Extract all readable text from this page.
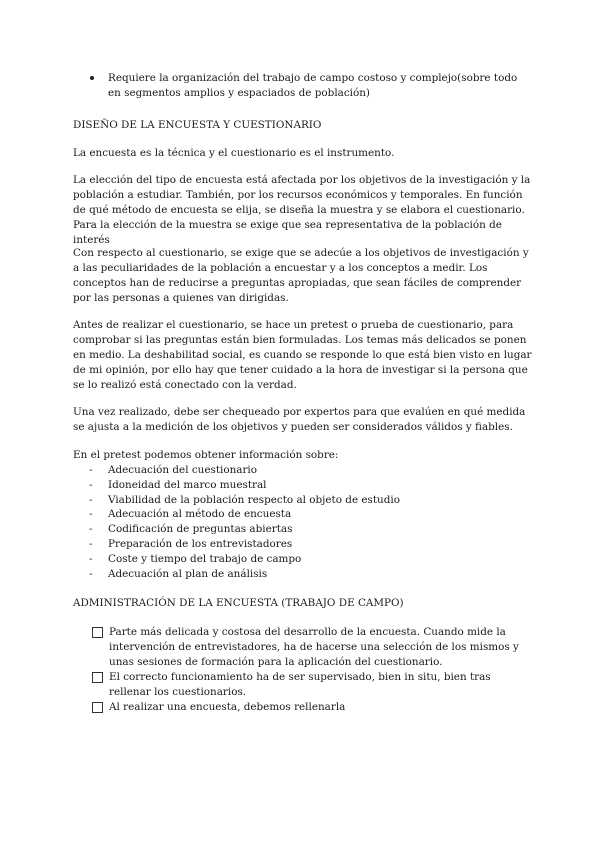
Requiere la organización del trabajo de campo costoso y complejo(sobre todo en segmentos amplios y espaciados de población)
DISEÑO DE LA ENCUESTA Y CUESTIONARIO

La encuesta es la técnica y el cuestionario es el instrumento.

La elección del tipo de encuesta está afectada por los objetivos de la investigación y la población a estudiar. También, por los recursos económicos y temporales. En función de qué método de encuesta se elija, se diseña la muestra y se elabora el cuestionario.

Para la elección de la muestra se exige que sea representativa de la población de interés

Con respecto al cuestionario, se exige que se adecúe a los objetivos de investigación y a las peculiaridades de la población a encuestar y a los conceptos a medir. Los conceptos han de reducirse a preguntas apropiadas, que sean fáciles de comprender por las personas a quienes van dirigidas.

Antes de realizar el cuestionario, se hace un pretest o prueba de cuestionario, para comprobar si las preguntas están bien formuladas. Los temas más delicados se ponen en medio. La deshabilitad social, es cuando se responde lo que está bien visto en lugar de mi opinión, por ello hay que tener cuidado a la hora de investigar si la persona que se lo realizó está conectado con la verdad.

Una vez realizado, debe ser chequeado por expertos para que evalúen en qué medida se ajusta a la medición de los objetivos y pueden ser considerados válidos y fiables.

En el pretest podemos obtener información sobre:

- Adecuación del cuestionario
- Idoneidad del marco muestral
- Viabilidad de la población respecto al objeto de estudio
- Adecuación al método de encuesta
- Codificación de preguntas abiertas
- Preparación de los entrevistadores
- Coste y tiempo del trabajo de campo
- Adecuación al plan de análisis
ADMINISTRACIÓN DE LA ENCUESTA (TRABAJO DE CAMPO)
Parte más delicada y costosa del desarrollo de la encuesta. Cuando mide la intervención de entrevistadores, ha de hacerse una selección de los mismos y unas sesiones de formación para la aplicación del cuestionario.
El correcto funcionamiento ha de ser supervisado, bien in situ, bien tras rellenar los cuestionarios.
Al realizar una encuesta, debemos rellenarla
